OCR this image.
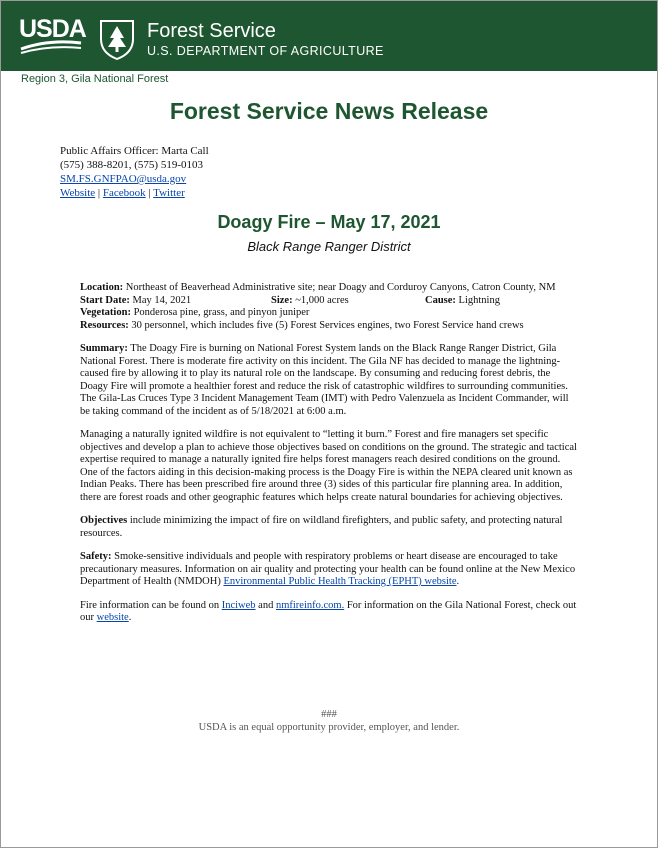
USDA	Forest Service
U.S. DEPARTMENT OF AGRICULTURE
Region 3, Gila National Forest
Forest Service News Release
Public Affairs Officer: Marta Call
(575) 388-8201, (575) 519-0103
SM.FS.GNFPAO@usda.gov
Website | Facebook | Twitter
Doagy Fire – May 17, 2021
Black Range Ranger District

Location: Northeast of Beaverhead Administrative site; near Doagy and Corduroy Canyons, Catron County, NM

Start Date: May 14, 2021	Size: ~1,000 acres	Cause: Lightning

Vegetation: Ponderosa pine, grass, and pinyon juniper

Resources: 30 personnel, which includes five (5) Forest Services engines, two Forest Service hand crews

Summary: The Doagy Fire is burning on National Forest System lands on the Black Range Ranger District, Gila National Forest. There is moderate fire activity on this incident. The Gila NF has decided to manage the lightning-caused fire by allowing it to play its natural role on the landscape. By consuming and reducing forest debris, the Doagy Fire will promote a healthier forest and reduce the risk of catastrophic wildfires to surrounding communities. The Gila-Las Cruces Type 3 Incident Management Team (IMT) with Pedro Valenzuela as Incident Commander, will be taking command of the incident as of 5/18/2021 at 6:00 a.m.

Managing a naturally ignited wildfire is not equivalent to “letting it burn.” Forest and fire managers set specific objectives and develop a plan to achieve those objectives based on conditions on the ground. The strategic and tactical expertise required to manage a naturally ignited fire helps forest managers reach desired conditions on the ground. One of the factors aiding in this decision-making process is the Doagy Fire is within the NEPA cleared unit known as Indian Peaks. There has been prescribed fire around three (3) sides of this particular fire planning area. In addition, there are forest roads and other geographic features which helps create natural boundaries for achieving objectives.

Objectives include minimizing the impact of fire on wildland firefighters, and public safety, and protecting natural resources.

Safety: Smoke-sensitive individuals and people with respiratory problems or heart disease are encouraged to take precautionary measures. Information on air quality and protecting your health can be found online at the New Mexico Department of Health (NMDOH) Environmental Public Health Tracking (EPHT) website.

Fire information can be found on Inciweb and nmfireinfo.com. For information on the Gila National Forest, check out our website.

###
USDA is an equal opportunity provider, employer, and lender.
